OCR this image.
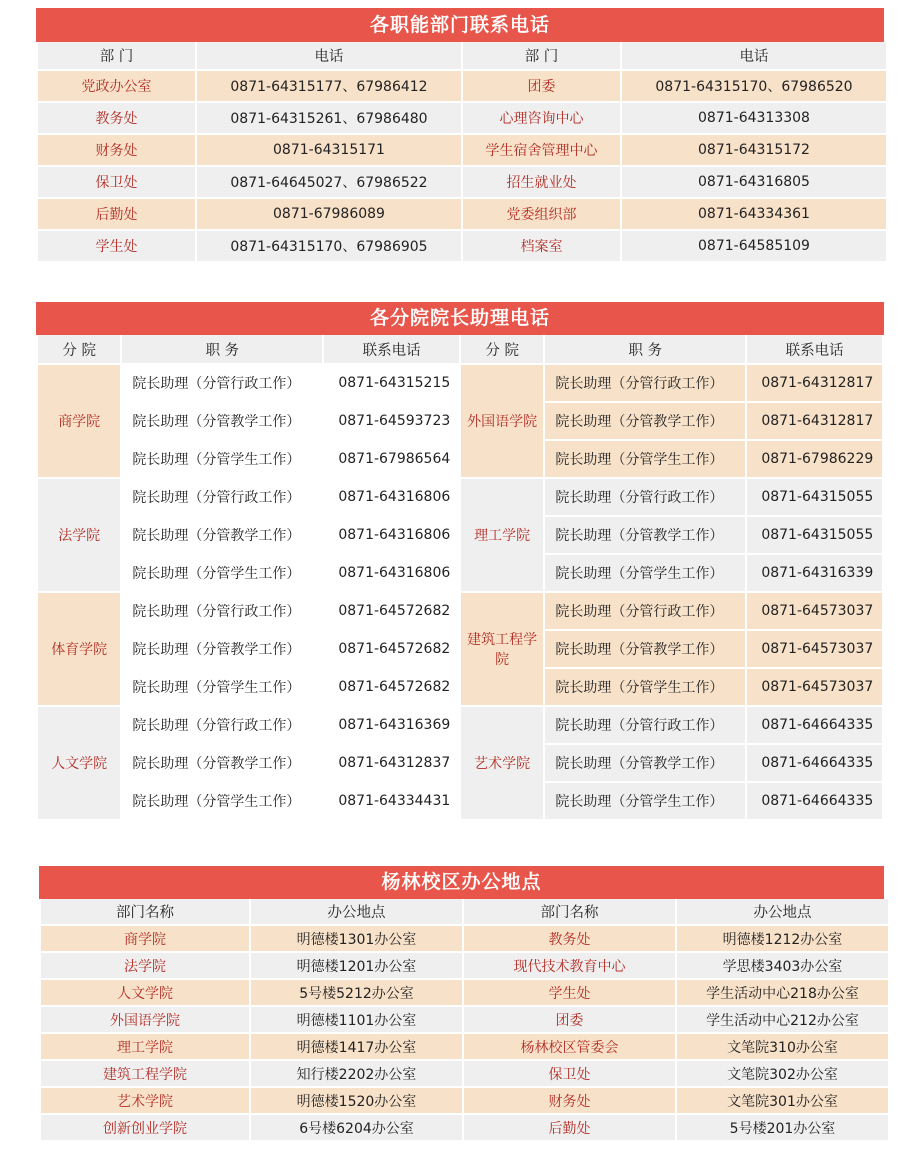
各职能部门联系电话
部 门	电话	部 门	电话
党政办公室	0871-64315177、67986412	团委	0871-64315170、67986520
教务处	0871-64315261、67986480	心理咨询中心	0871-64313308
财务处	0871-64315171	学生宿舍管理中心	0871-64315172
保卫处	0871-64645027、67986522	招生就业处	0871-64316805
后勤处	0871-67986089	党委组织部	0871-64334361
学生处	0871-64315170、67986905	档案室	0871-64585109
各分院院长助理电话
分 院	职 务	联系电话	分 院	职 务	联系电话
商学院	院长助理（分管行政工作）	0871-64315215	外国语学院	院长助理（分管行政工作）	0871-64312817
	院长助理（分管教学工作）	0871-64593723		院长助理（分管教学工作）	0871-64312817
	院长助理（分管学生工作）	0871-67986564		院长助理（分管学生工作）	0871-67986229
法学院	院长助理（分管行政工作）	0871-64316806	理工学院	院长助理（分管行政工作）	0871-64315055
	院长助理（分管教学工作）	0871-64316806		院长助理（分管教学工作）	0871-64315055
	院长助理（分管学生工作）	0871-64316806		院长助理（分管学生工作）	0871-64316339
体育学院	院长助理（分管行政工作）	0871-64572682	建筑工程学院	院长助理（分管行政工作）	0871-64573037
	院长助理（分管教学工作）	0871-64572682		院长助理（分管教学工作）	0871-64573037
	院长助理（分管学生工作）	0871-64572682		院长助理（分管学生工作）	0871-64573037
人文学院	院长助理（分管行政工作）	0871-64316369	艺术学院	院长助理（分管行政工作）	0871-64664335
	院长助理（分管教学工作）	0871-64312837		院长助理（分管教学工作）	0871-64664335
	院长助理（分管学生工作）	0871-64334431		院长助理（分管学生工作）	0871-64664335
杨林校区办公地点
部门名称	办公地点	部门名称	办公地点
商学院	明德楼1301办公室	教务处	明德楼1212办公室
法学院	明德楼1201办公室	现代技术教育中心	学思楼3403办公室
人文学院	5号楼5212办公室	学生处	学生活动中心218办公室
外国语学院	明德楼1101办公室	团委	学生活动中心212办公室
理工学院	明德楼1417办公室	杨林校区管委会	文笔院310办公室
建筑工程学院	知行楼2202办公室	保卫处	文笔院302办公室
艺术学院	明德楼1520办公室	财务处	文笔院301办公室
创新创业学院	6号楼6204办公室	后勤处	5号楼201办公室
